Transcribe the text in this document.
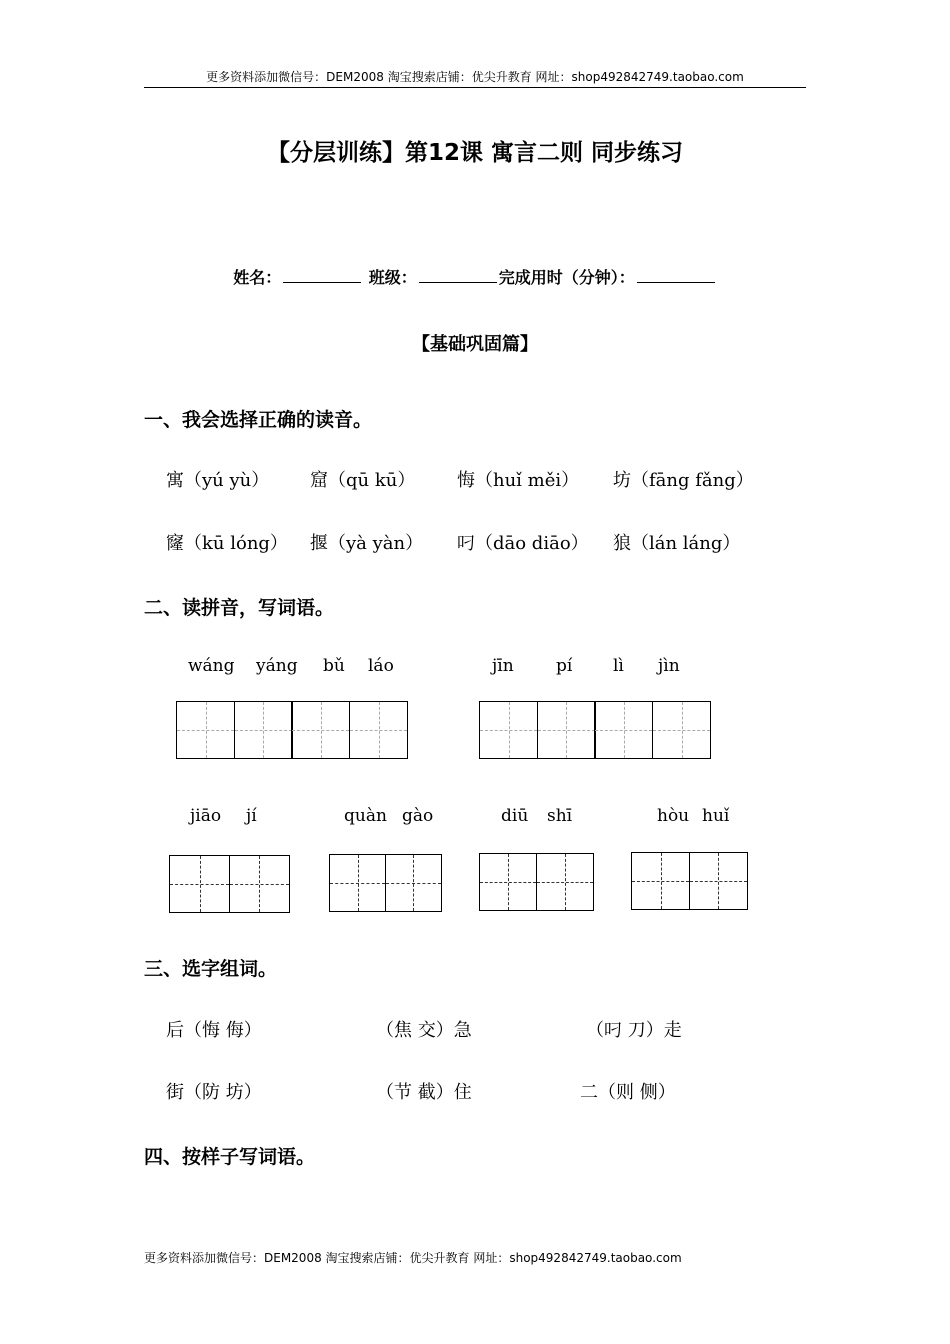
更多资料添加微信号：DEM2008 淘宝搜索店铺：优尖升教育 网址：shop492842749.taobao.com
【分层训练】第12课 寓言二则 同步练习
姓名：	班级：	完成用时（分钟）：
【基础巩固篇】
一、我会选择正确的读音。
寓（yú yù） 窟（qū kū） 悔（huǐ měi） 坊（fāng fǎng）
窿（kū lóng） 揠（yà yàn） 叼（dāo diāo） 狼（lán láng）
二、读拼音，写词语。
wáng yáng bǔ láo	jīn pí lì jìn
jiāo jí	quàn gào	diū shī	hòu huǐ
三、选字组词。
后（悔 侮）	（焦 交）急	（叼 刀）走
街（防 坊）	（节 截）住	二（则 侧）
四、按样子写词语。
更多资料添加微信号：DEM2008 淘宝搜索店铺：优尖升教育 网址：shop492842749.taobao.com
